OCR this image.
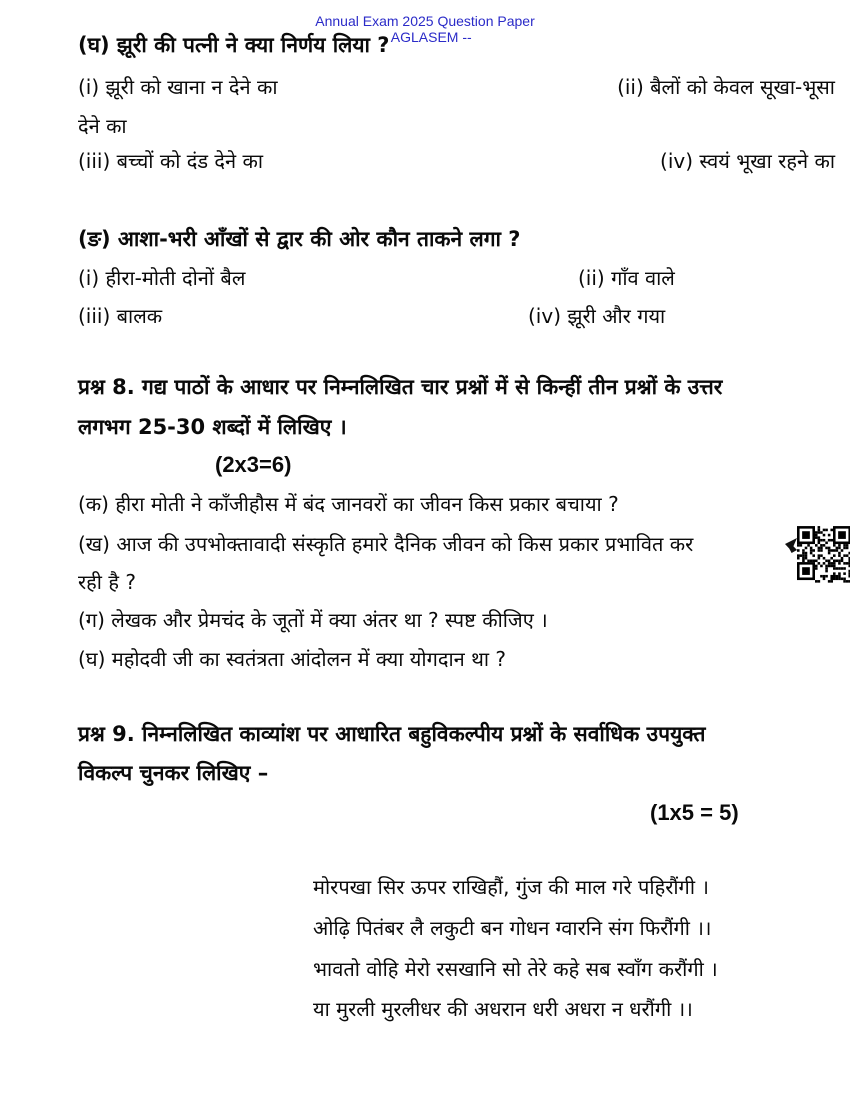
Annual Exam 2025 Question Paper
-- AGLASEM --
(घ) झूरी की पत्नी ने क्या निर्णय लिया ?
(i) झूरी को खाना न देने का	(ii) बैलों को केवल सूखा-भूसा
देने का
(iii) बच्चों को दंड देने का	(iv) स्वयं भूखा रहने का
(ङ) आशा-भरी आँखों से द्वार की ओर कौन ताकने लगा ?
(i) हीरा-मोती दोनों बैल	(ii) गाँव वाले
(iii) बालक	(iv) झूरी और गया
प्रश्न 8. गद्य पाठों के आधार पर निम्नलिखित चार प्रश्नों में से किन्हीं तीन प्रश्नों के उत्तर
लगभग 25-30 शब्दों में लिखिए ।
(2x3=6)
(क) हीरा मोती ने काँजीहौस में बंद जानवरों का जीवन किस प्रकार बचाया ?
(ख) आज की उपभोक्तावादी संस्कृति हमारे दैनिक जीवन को किस प्रकार प्रभावित कर
रही है ?
(ग) लेखक और प्रेमचंद के जूतों में क्या अंतर था ? स्पष्ट कीजिए ।
(घ) महोदवी जी का स्वतंत्रता आंदोलन में क्या योगदान था ?
प्रश्न 9. निम्नलिखित काव्यांश पर आधारित बहुविकल्पीय प्रश्नों के सर्वाधिक उपयुक्त
विकल्प चुनकर लिखिए –
(1x5 = 5)
मोरपखा सिर ऊपर राखिहौं, गुंज की माल गरे पहिरौंगी ।
ओढ़ि पितंबर लै लकुटी बन गोधन ग्वारनि संग फिरौंगी ।।
भावतो वोहि मेरो रसखानि सो तेरे कहे सब स्वाँग करौंगी ।
या मुरली मुरलीधर की अधरान धरी अधरा न धरौंगी ।।
